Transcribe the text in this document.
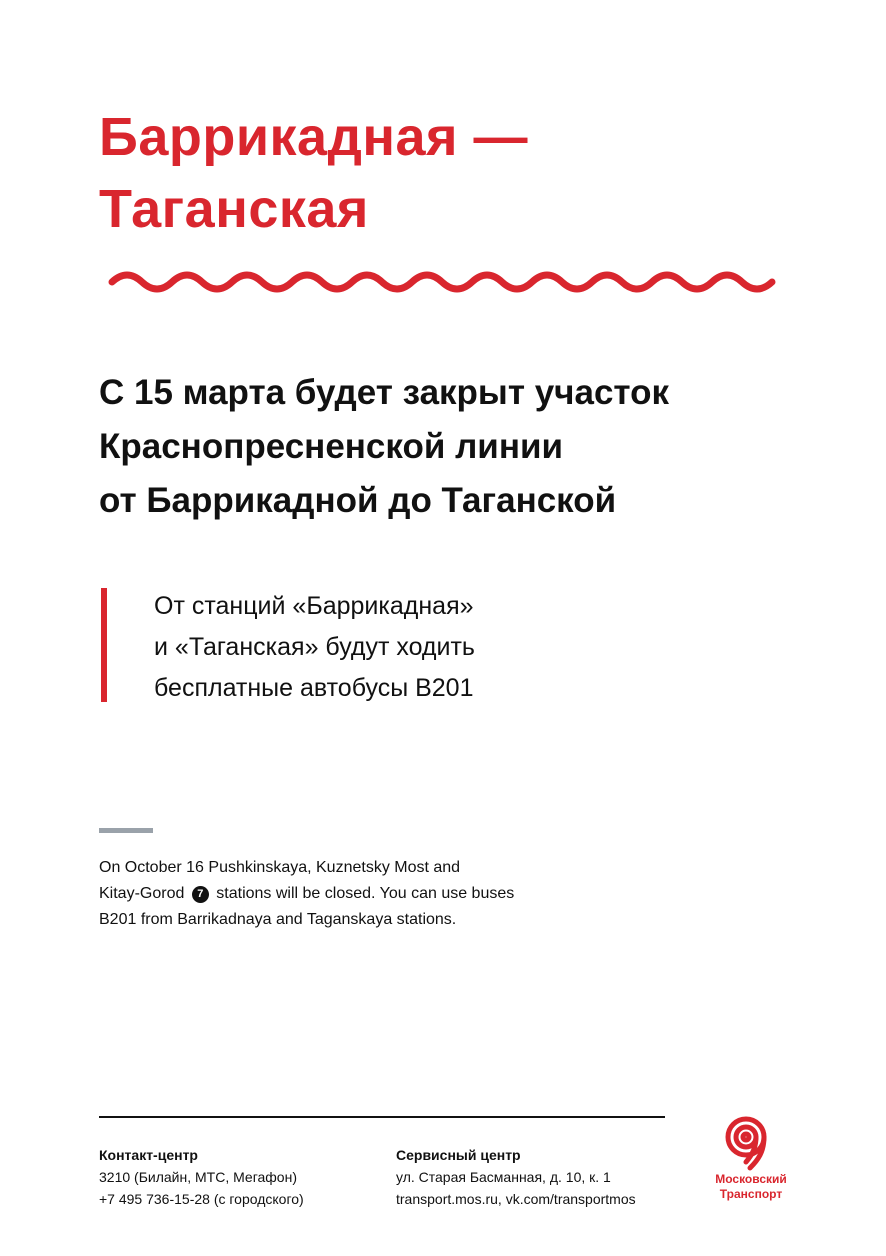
Баррикадная —
Таганская
С 15 марта будет закрыт участок
Краснопресненской линии
от Баррикадной до Таганской
От станций «Баррикадная»
и «Таганская» будут ходить
бесплатные автобусы В201
On October 16 Pushkinskaya, Kuznetsky Most and
Kitay-Gorod 7 stations will be closed. You can use buses
B201 from Barrikadnaya and Taganskaya stations.
Контакт-центр
3210 (Билайн, МТС, Мегафон)
+7 495 736-15-28 (с городского)
Сервисный центр
ул. Старая Басманная, д. 10, к. 1
transport.mos.ru, vk.com/transportmos
Московский
Транспорт
